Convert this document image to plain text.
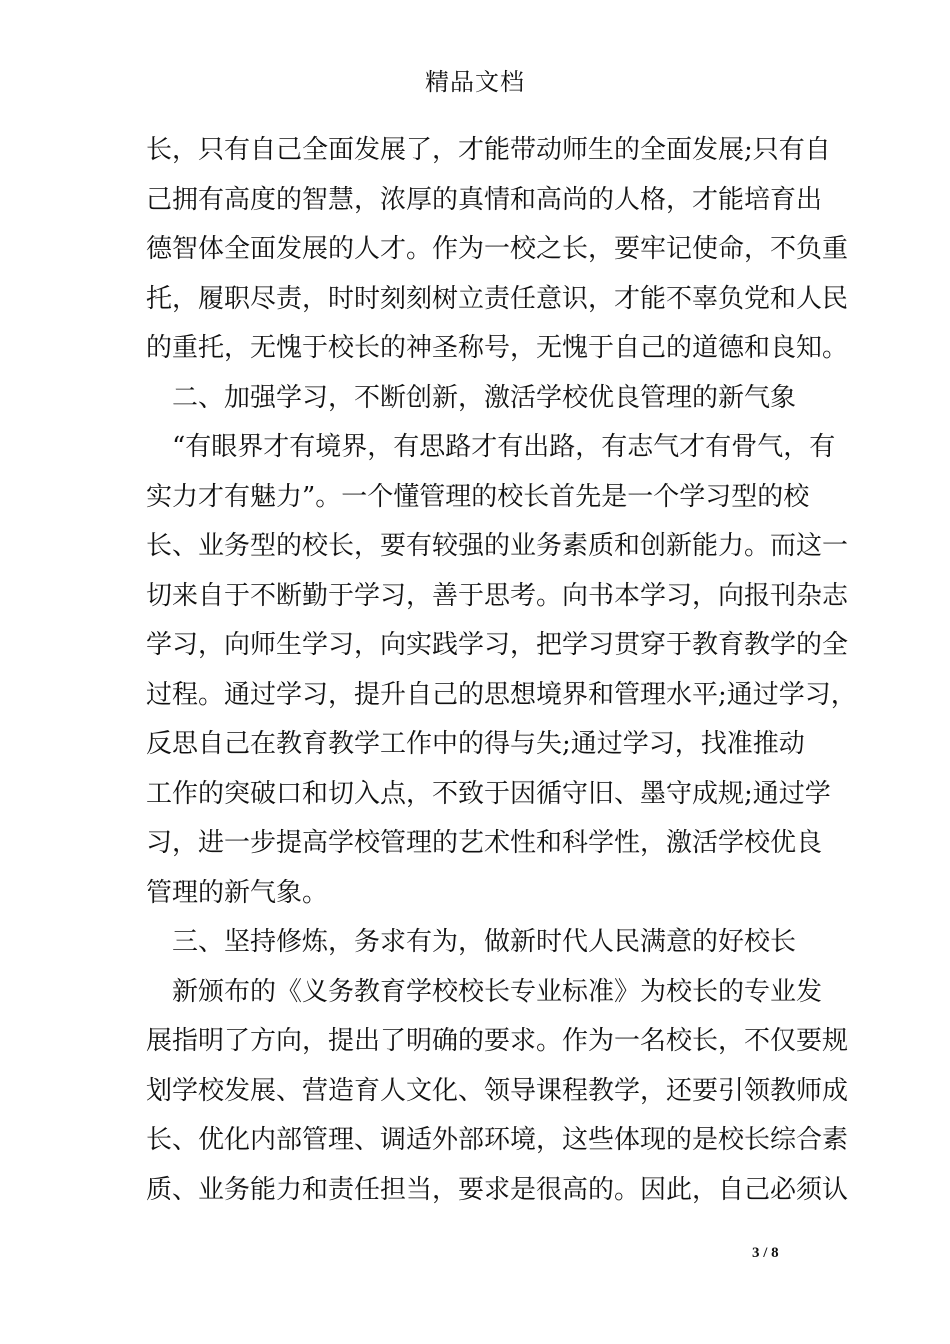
精品文档
长，只有自己全面发展了，才能带动师生的全面发展;只有自
己拥有高度的智慧，浓厚的真情和高尚的人格，才能培育出
德智体全面发展的人才。作为一校之长，要牢记使命，不负重
托，履职尽责，时时刻刻树立责任意识，才能不辜负党和人民
的重托，无愧于校长的神圣称号，无愧于自己的道德和良知。
二、加强学习，不断创新，激活学校优良管理的新气象
“有眼界才有境界，有思路才有出路，有志气才有骨气，有
实力才有魅力”。一个懂管理的校长首先是一个学习型的校
长、业务型的校长，要有较强的业务素质和创新能力。而这一
切来自于不断勤于学习，善于思考。向书本学习，向报刊杂志
学习，向师生学习，向实践学习，把学习贯穿于教育教学的全
过程。通过学习，提升自己的思想境界和管理水平;通过学习，
反思自己在教育教学工作中的得与失;通过学习，找准推动
工作的突破口和切入点，不致于因循守旧、墨守成规;通过学
习，进一步提高学校管理的艺术性和科学性，激活学校优良
管理的新气象。
三、坚持修炼，务求有为，做新时代人民满意的好校长
新颁布的《义务教育学校校长专业标准》为校长的专业发
展指明了方向，提出了明确的要求。作为一名校长，不仅要规
划学校发展、营造育人文化、领导课程教学，还要引领教师成
长、优化内部管理、调适外部环境，这些体现的是校长综合素
质、业务能力和责任担当，要求是很高的。因此，自己必须认
3 / 8
